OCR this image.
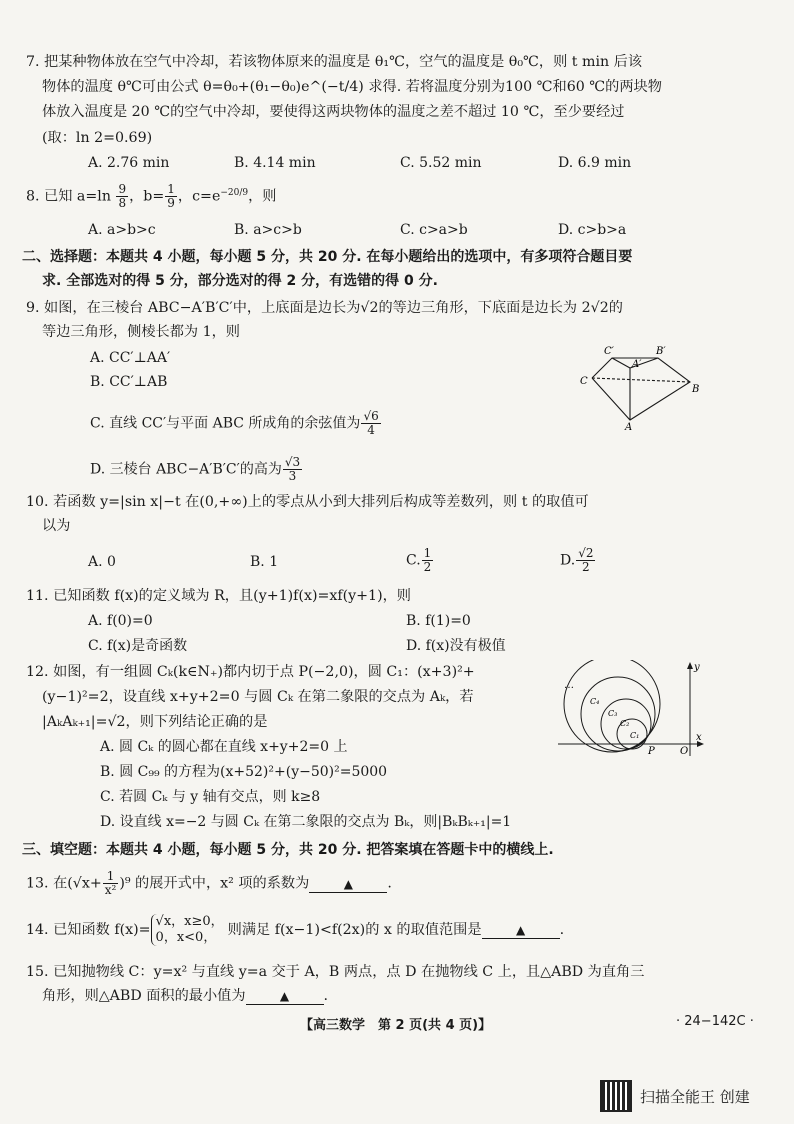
7. 把某种物体放在空气中冷却，若该物体原来的温度是 θ₁℃，空气的温度是 θ₀℃，则 t min 后该
物体的温度 θ℃可由公式 θ=θ₀+(θ₁−θ₀)e^(−t/4) 求得. 若将温度分别为100 ℃和60 ℃的两块物
体放入温度是 20 ℃的空气中冷却，要使得这两块物体的温度之差不超过 10 ℃，至少要经过
(取：ln 2=0.69)
A. 2.76 min	B. 4.14 min	C. 5.52 min	D. 6.9 min
8. 已知 $a=\ln \frac{9}{8}$ ，$b= \frac{1}{9}$ ，$c=e^{-20/9}$，则
A. a>b>c	B. a>c>b	C. c>a>b	D. c>b>a
二、选择题：本题共 4 小题，每小题 5 分，共 20 分. 在每小题给出的选项中，有多项符合题目要
求. 全部选对的得 5 分，部分选对的得 2 分，有选错的得 0 分.
9. 如图，在三棱台 ABC−A′B′C′中，上底面是边长为√2的等边三角形，下底面是边长为 2√2的
等边三角形，侧棱长都为 1，则
A. CC′⊥AA′
B. CC′⊥AB
C. 直线 CC′与平面 ABC 所成角的余弦值为 $\frac{√6}{4}$
D. 三棱台 ABC−A′B′C′的高为 $\frac{√3}{3}$
C′	B′
A′
C
B
A
10. 若函数 y=|sin x|−t 在(0,+∞)上的零点从小到大排列后构成等差数列，则 t 的取值可
以为
A. 0	B. 1	C. $\frac{1}{2}$	D. $\frac{√2}{2}$
11. 已知函数 f(x)的定义域为 R，且(y+1)f(x)=xf(y+1)，则
A. f(0)=0	B. f(1)=0
C. f(x)是奇函数	D. f(x)没有极值
12. 如图，有一组圆 Cₖ(k∈N₊)都内切于点 P(−2,0)，圆 C₁：(x+3)²+
(y−1)²=2，设直线 x+y+2=0 与圆 Cₖ 在第二象限的交点为 Aₖ，若
|AₖAₖ₊₁|=√2，则下列结论正确的是
A. 圆 Cₖ 的圆心都在直线 x+y+2=0 上
B. 圆 C₉₉ 的方程为(x+52)²+(y−50)²=5000
C. 若圆 Cₖ 与 y 轴有交点，则 k≥8
D. 设直线 x=−2 与圆 Cₖ 在第二象限的交点为 Bₖ，则|BₖBₖ₊₁|=1
y
x
P	O
C₁
C₂
C₃
C₄
…
三、填空题：本题共 4 小题，每小题 5 分，共 20 分. 把答案填在答题卡中的横线上.
13. 在$(√x+ \frac{1}{\text{x²}} )^9$ 的展开式中，x² 项的系数为	▲ .
14. 已知函数 f(x)=
√x，x≥0，
0，x<0， 则满足 f(x−1)<f(2x)的 x 的取值范围是	▲ .
15. 已知抛物线 C：y=x² 与直线 y=a 交于 A，B 两点，点 D 在抛物线 C 上，且△ABD 为直角三
角形，则△ABD 面积的最小值为	▲ .
【高三数学　第 2 页(共 4 页)】	· 24−142C ·
扫描全能王 创建
